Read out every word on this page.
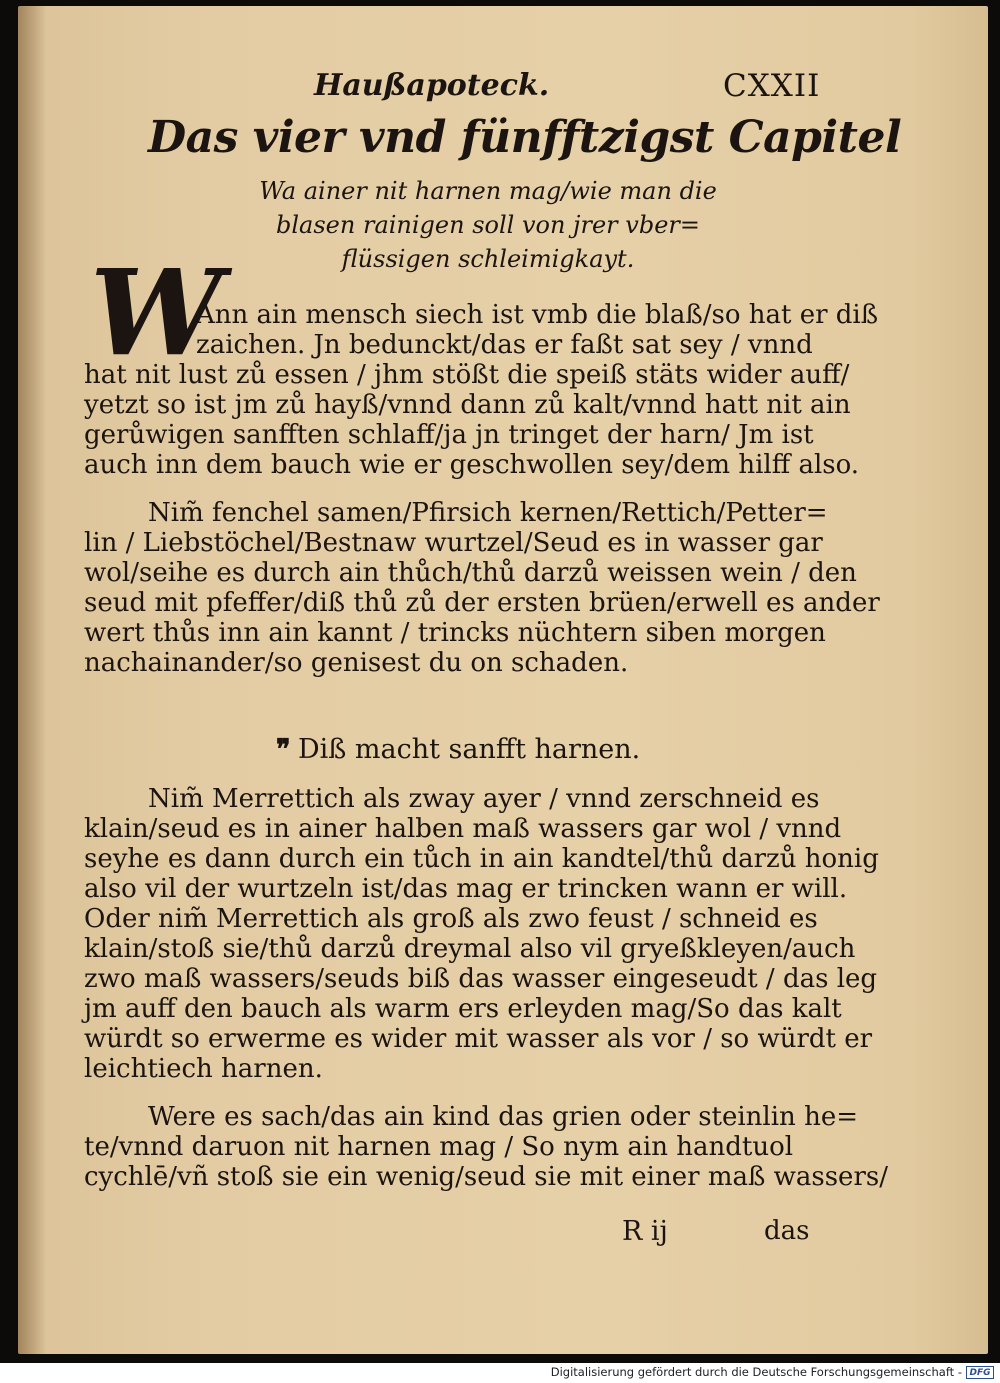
Haußapoteck.	CXXII
Das vier vnd fünfftzigst Capitel
Wa ainer nit harnen mag/wie man die
blasen rainigen soll von jrer vber=
flüssigen schleimigkayt.
W
Ann ain mensch siech ist vmb die blaß/so hat er diß
zaichen. Jn bedunckt/das er faßt sat sey / vnnd
hat nit lust zů essen / jhm stößt die speiß stäts wider auff/
yetzt so ist jm zů hayß/vnnd dann zů kalt/vnnd hatt nit ain
gerůwigen sanfften schlaff/ja jn tringet der harn/ Jm ist
auch inn dem bauch wie er geschwollen sey/dem hilff also.
Nim̃ fenchel samen/Pfirsich kernen/Rettich/Petter=
lin / Liebstöchel/Bestnaw wurtzel/Seud es in wasser gar
wol/seihe es durch ain thůch/thů darzů weissen wein / den
seud mit pfeffer/diß thů zů der ersten brüen/erwell es ander
wert thůs inn ain kannt / trincks nüchtern siben morgen
nachainander/so genisest du on schaden.
❞ Diß macht sanfft harnen.
Nim̃ Merrettich als zway ayer / vnnd zerschneid es
klain/seud es in ainer halben maß wassers gar wol / vnnd
seyhe es dann durch ein tůch in ain kandtel/thů darzů honig
also vil der wurtzeln ist/das mag er trincken wann er will.
Oder nim̃ Merrettich als groß als zwo feust / schneid es
klain/stoß sie/thů darzů dreymal also vil gryeßkleyen/auch
zwo maß wassers/seuds biß das wasser eingeseudt / das leg
jm auff den bauch als warm ers erleyden mag/So das kalt
würdt so erwerme es wider mit wasser als vor / so würdt er
leichtiech harnen.
Were es sach/das ain kind das grien oder steinlin he=
te/vnnd daruon nit harnen mag / So nym ain handtuol
cychlē/vñ stoß sie ein wenig/seud sie mit einer maß wassers/
R ij	das
Digitalisierung gefördert durch die Deutsche Forschungsgemeinschaft - DFG
